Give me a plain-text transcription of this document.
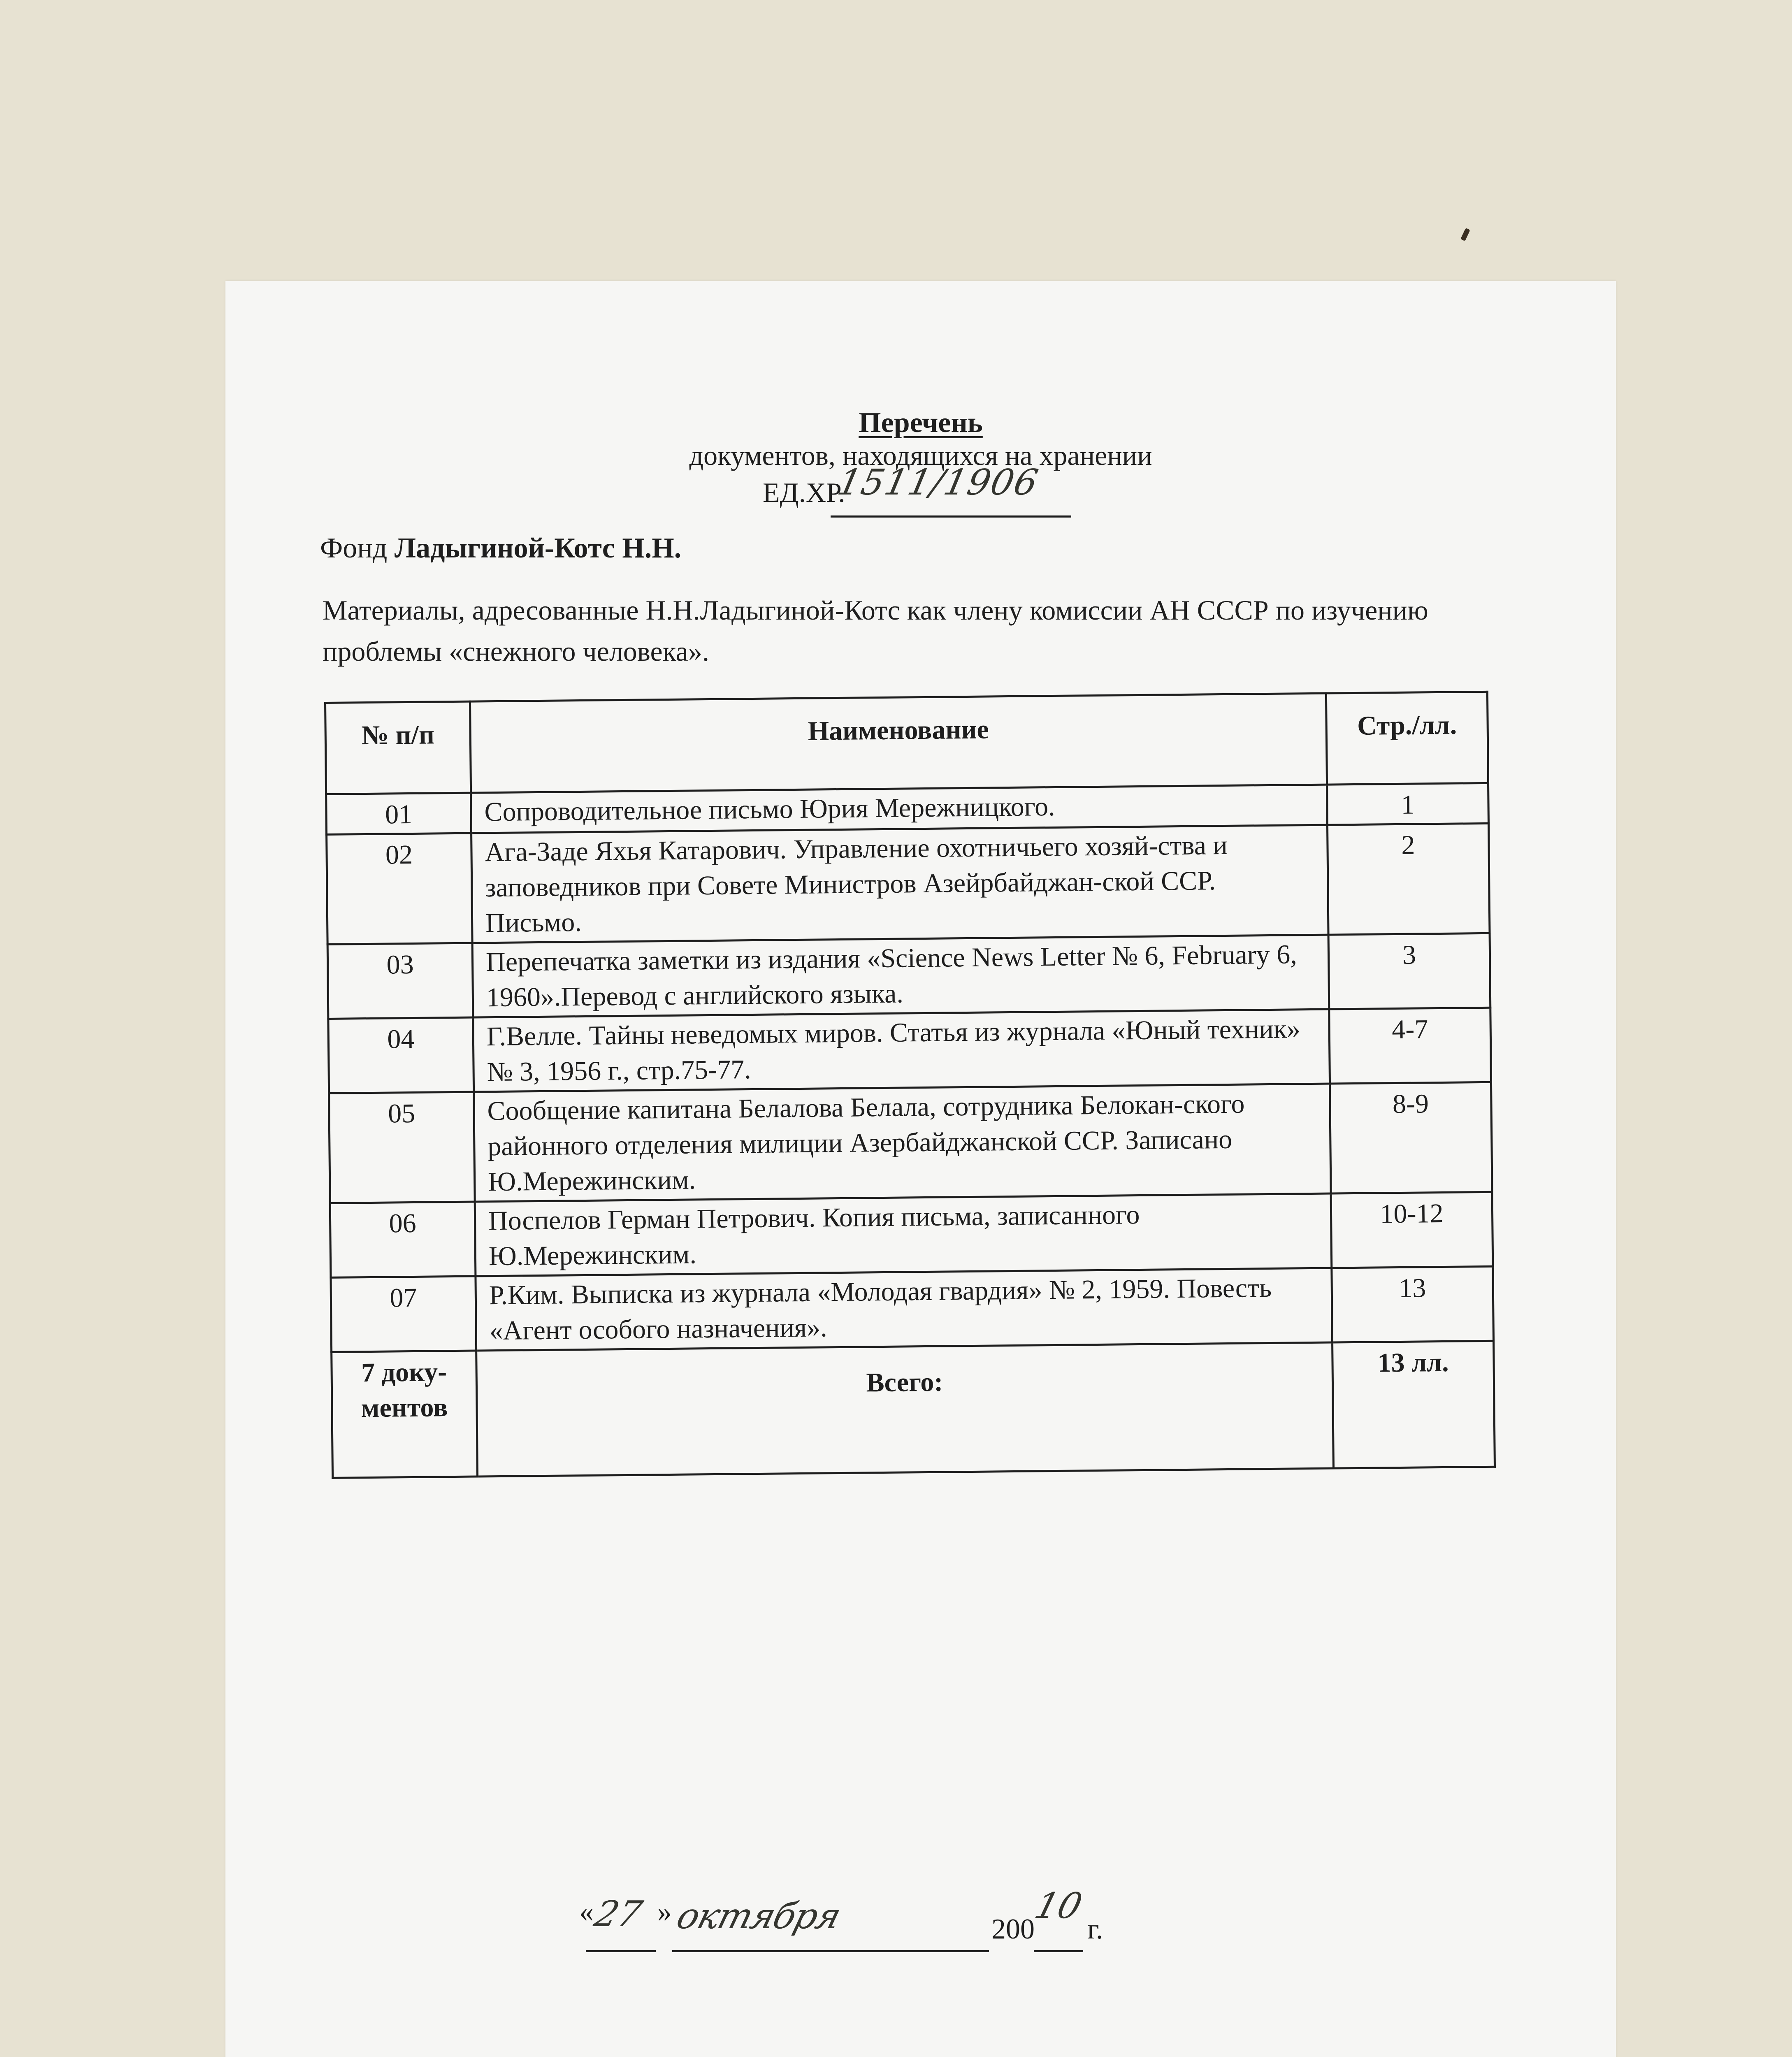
Перечень
документов, находящихся на хранении
ЕД.ХР.
1511/1906
Фонд Ладыгиной-Котс Н.Н.
Материалы, адресованные Н.Н.Ладыгиной-Котс как члену комиссии АН СССР по изучению проблемы «снежного человека».
№ п/п	Наименование	Стр./лл.
01	Сопроводительное письмо Юрия Мережницкого.	1
02	Ага-Заде Яхья Катарович. Управление охотничьего хозяй-ства и заповедников при Совете Министров Азейрбайджан-ской ССР. Письмо.	2
03	Перепечатка заметки из издания «Science News Letter № 6, February 6, 1960».Перевод с английского языка.	3
04	Г.Велле. Тайны неведомых миров. Статья из журнала «Юный техник» № 3, 1956 г., стр.75-77.	4-7
05	Сообщение капитана Белалова Белала, сотрудника Белокан-ского районного отделения милиции Азербайджанской ССР. Записано Ю.Мережинским.	8-9
06	Поспелов Герман Петрович. Копия письма, записанного Ю.Мережинским.	10-12
07	Р.Ким. Выписка из журнала «Молодая гвардия» № 2, 1959. Повесть «Агент особого назначения».	13
7 доку-ментов	Всего:	13 лл.
«
27 » октября	200
10
г.
